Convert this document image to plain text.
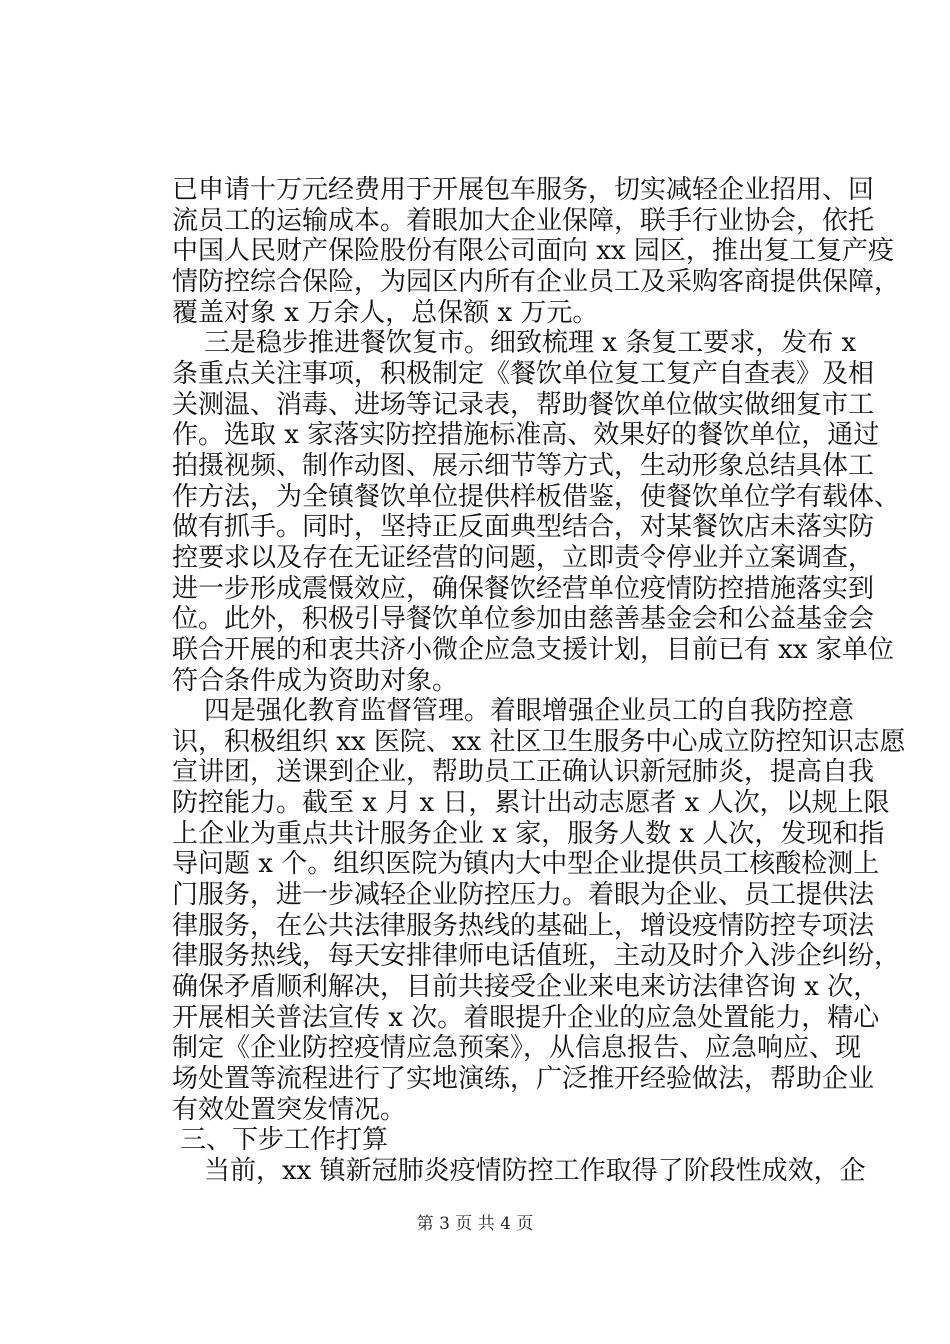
已申请十万元经费用于开展包车服务，切实减轻企业招用、回
流员工的运输成本。着眼加大企业保障，联手行业协会，依托
中国人民财产保险股份有限公司面向 xx 园区，推出复工复产疫
情防控综合保险，为园区内所有企业员工及采购客商提供保障，
覆盖对象 x 万余人，总保额 x 万元。
三是稳步推进餐饮复市。细致梳理 x 条复工要求，发布 x
条重点关注事项，积极制定《餐饮单位复工复产自查表》及相
关测温、消毒、进场等记录表，帮助餐饮单位做实做细复市工
作。选取 x 家落实防控措施标准高、效果好的餐饮单位，通过
拍摄视频、制作动图、展示细节等方式，生动形象总结具体工
作方法，为全镇餐饮单位提供样板借鉴，使餐饮单位学有载体、
做有抓手。同时，坚持正反面典型结合，对某餐饮店未落实防
控要求以及存在无证经营的问题，立即责令停业并立案调查，
进一步形成震慑效应，确保餐饮经营单位疫情防控措施落实到
位。此外，积极引导餐饮单位参加由慈善基金会和公益基金会
联合开展的和衷共济小微企应急支援计划，目前已有 xx 家单位
符合条件成为资助对象。
四是强化教育监督管理。着眼增强企业员工的自我防控意
识，积极组织 xx 医院、xx 社区卫生服务中心成立防控知识志愿
宣讲团，送课到企业，帮助员工正确认识新冠肺炎，提高自我
防控能力。截至 x 月 x 日，累计出动志愿者 x 人次，以规上限
上企业为重点共计服务企业 x 家，服务人数 x 人次，发现和指
导问题 x 个。组织医院为镇内大中型企业提供员工核酸检测上
门服务，进一步减轻企业防控压力。着眼为企业、员工提供法
律服务，在公共法律服务热线的基础上，增设疫情防控专项法
律服务热线，每天安排律师电话值班，主动及时介入涉企纠纷，
确保矛盾顺利解决，目前共接受企业来电来访法律咨询 x 次，
开展相关普法宣传 x 次。着眼提升企业的应急处置能力，精心
制定《企业防控疫情应急预案》，从信息报告、应急响应、现
场处置等流程进行了实地演练，广泛推开经验做法，帮助企业
有效处置突发情况。
三、下步工作打算
当前，xx 镇新冠肺炎疫情防控工作取得了阶段性成效，企
第 3 页 共 4 页
